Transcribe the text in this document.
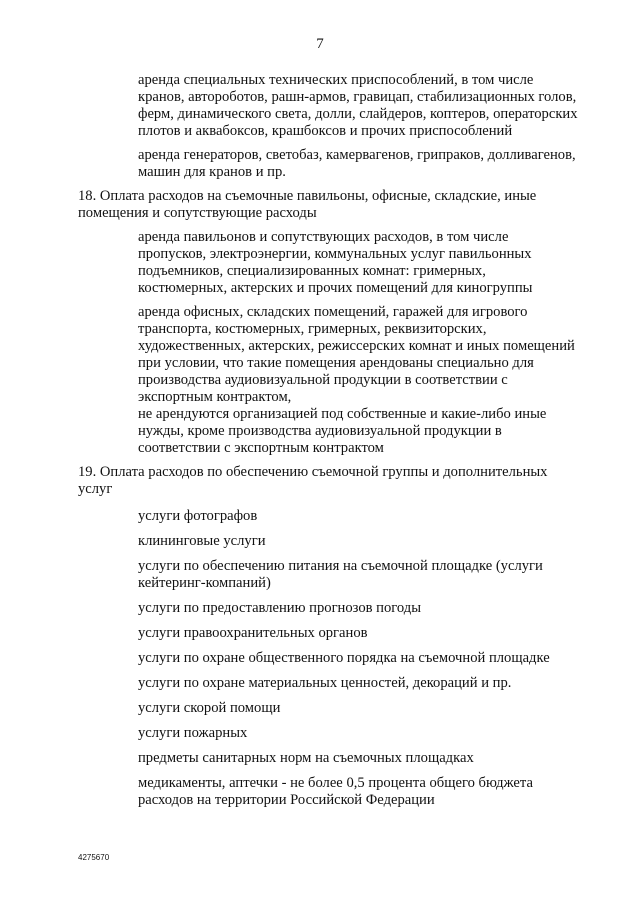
7
аренда специальных технических приспособлений, в том числе кранов, автороботов, рашн-армов, гравицап, стабилизационных голов, ферм, динамического света, долли, слайдеров, коптеров, операторских плотов и аквабоксов, крашбоксов и прочих приспособлений
аренда генераторов, светобаз, камервагенов, грипраков, долливагенов, машин для кранов и пр.
18. Оплата расходов на съемочные павильоны, офисные, складские, иные помещения и сопутствующие расходы
аренда павильонов и сопутствующих расходов, в том числе пропусков, электроэнергии, коммунальных услуг павильонных подъемников, специализированных комнат: гримерных, костюмерных, актерских и прочих помещений для киногруппы
аренда офисных, складских помещений, гаражей для игрового транспорта, костюмерных, гримерных, реквизиторских, художественных, актерских, режиссерских комнат и иных помещений при условии, что такие помещения арендованы специально для производства аудиовизуальной продукции в соответствии с экспортным контрактом,
не арендуются организацией под собственные и какие-либо иные нужды, кроме производства аудиовизуальной продукции в соответствии с экспортным контрактом
19. Оплата расходов по обеспечению съемочной группы и дополнительных услуг
услуги фотографов
клининговые услуги
услуги по обеспечению питания на съемочной площадке (услуги кейтеринг-компаний)
услуги по предоставлению прогнозов погоды
услуги правоохранительных органов
услуги по охране общественного порядка на съемочной площадке
услуги по охране материальных ценностей, декораций и пр.
услуги скорой помощи
услуги пожарных
предметы санитарных норм на съемочных площадках
медикаменты, аптечки - не более 0,5 процента общего бюджета расходов на территории Российской Федерации
4275670
